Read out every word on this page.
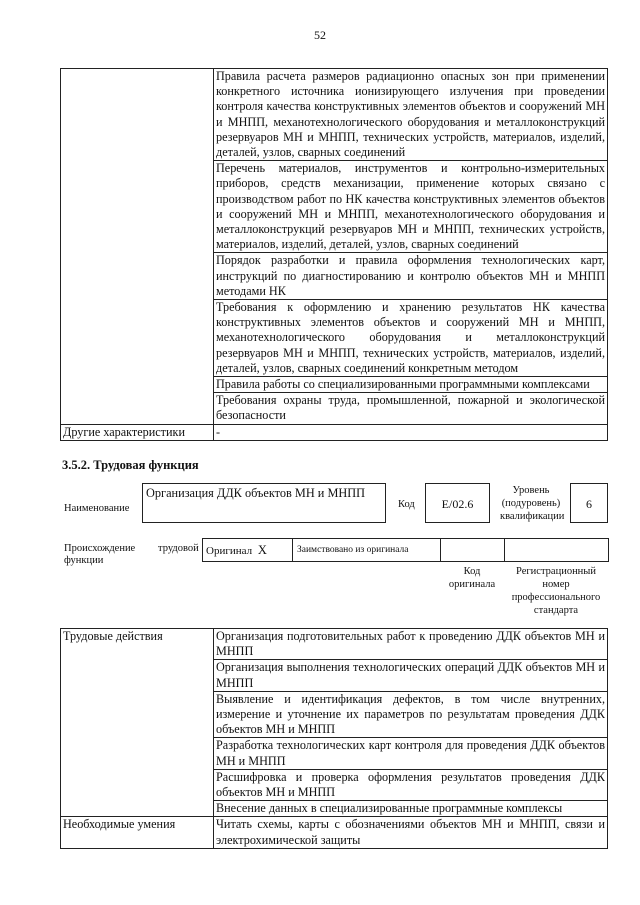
52
	Правила расчета размеров радиационно опасных зон при применении конкретного источника ионизирующего излучения при проведении контроля качества конструктивных элементов объектов и сооружений МН и МНПП, механотехнологического оборудования и металлоконструкций резервуаров МН и МНПП, технических устройств, материалов, изделий, деталей, узлов, сварных соединений
	Перечень материалов, инструментов и контрольно-измерительных приборов, средств механизации, применение которых связано с производством работ по НК качества конструктивных элементов объектов и сооружений МН и МНПП, механотехнологического оборудования и металлоконструкций резервуаров МН и МНПП, технических устройств, материалов, изделий, деталей, узлов, сварных соединений
	Порядок разработки и правила оформления технологических карт, инструкций по диагностированию и контролю объектов МН и МНПП методами НК
	Требования к оформлению и хранению результатов НК качества конструктивных элементов объектов и сооружений МН и МНПП, механотехнологического оборудования и металлоконструкций резервуаров МН и МНПП, технических устройств, материалов, изделий, деталей, узлов, сварных соединений конкретным методом
	Правила работы со специализированными программными комплексами
	Требования охраны труда, промышленной, пожарной и экологической безопасности
Другие характеристики	-
3.5.2. Трудовая функция
Наименование
Организация ДДК объектов МН и МНПП
Код	E/02.6
Уровень (подуровень) квалификации
6
Происхождение трудовой
функции
Оригинал X	Заимствовано из оригинала
Код оригинала
Регистрационный номер профессионального стандарта
Трудовые действия	Организация подготовительных работ к проведению ДДК объектов МН и МНПП
	Организация выполнения технологических операций ДДК объектов МН и МНПП
	Выявление и идентификация дефектов, в том числе внутренних, измерение и уточнение их параметров по результатам проведения ДДК объектов МН и МНПП
	Разработка технологических карт контроля для проведения ДДК объектов МН и МНПП
	Расшифровка и проверка оформления результатов проведения ДДК объектов МН и МНПП
	Внесение данных в специализированные программные комплексы
Необходимые умения	Читать схемы, карты с обозначениями объектов МН и МНПП, связи и электрохимической защиты
